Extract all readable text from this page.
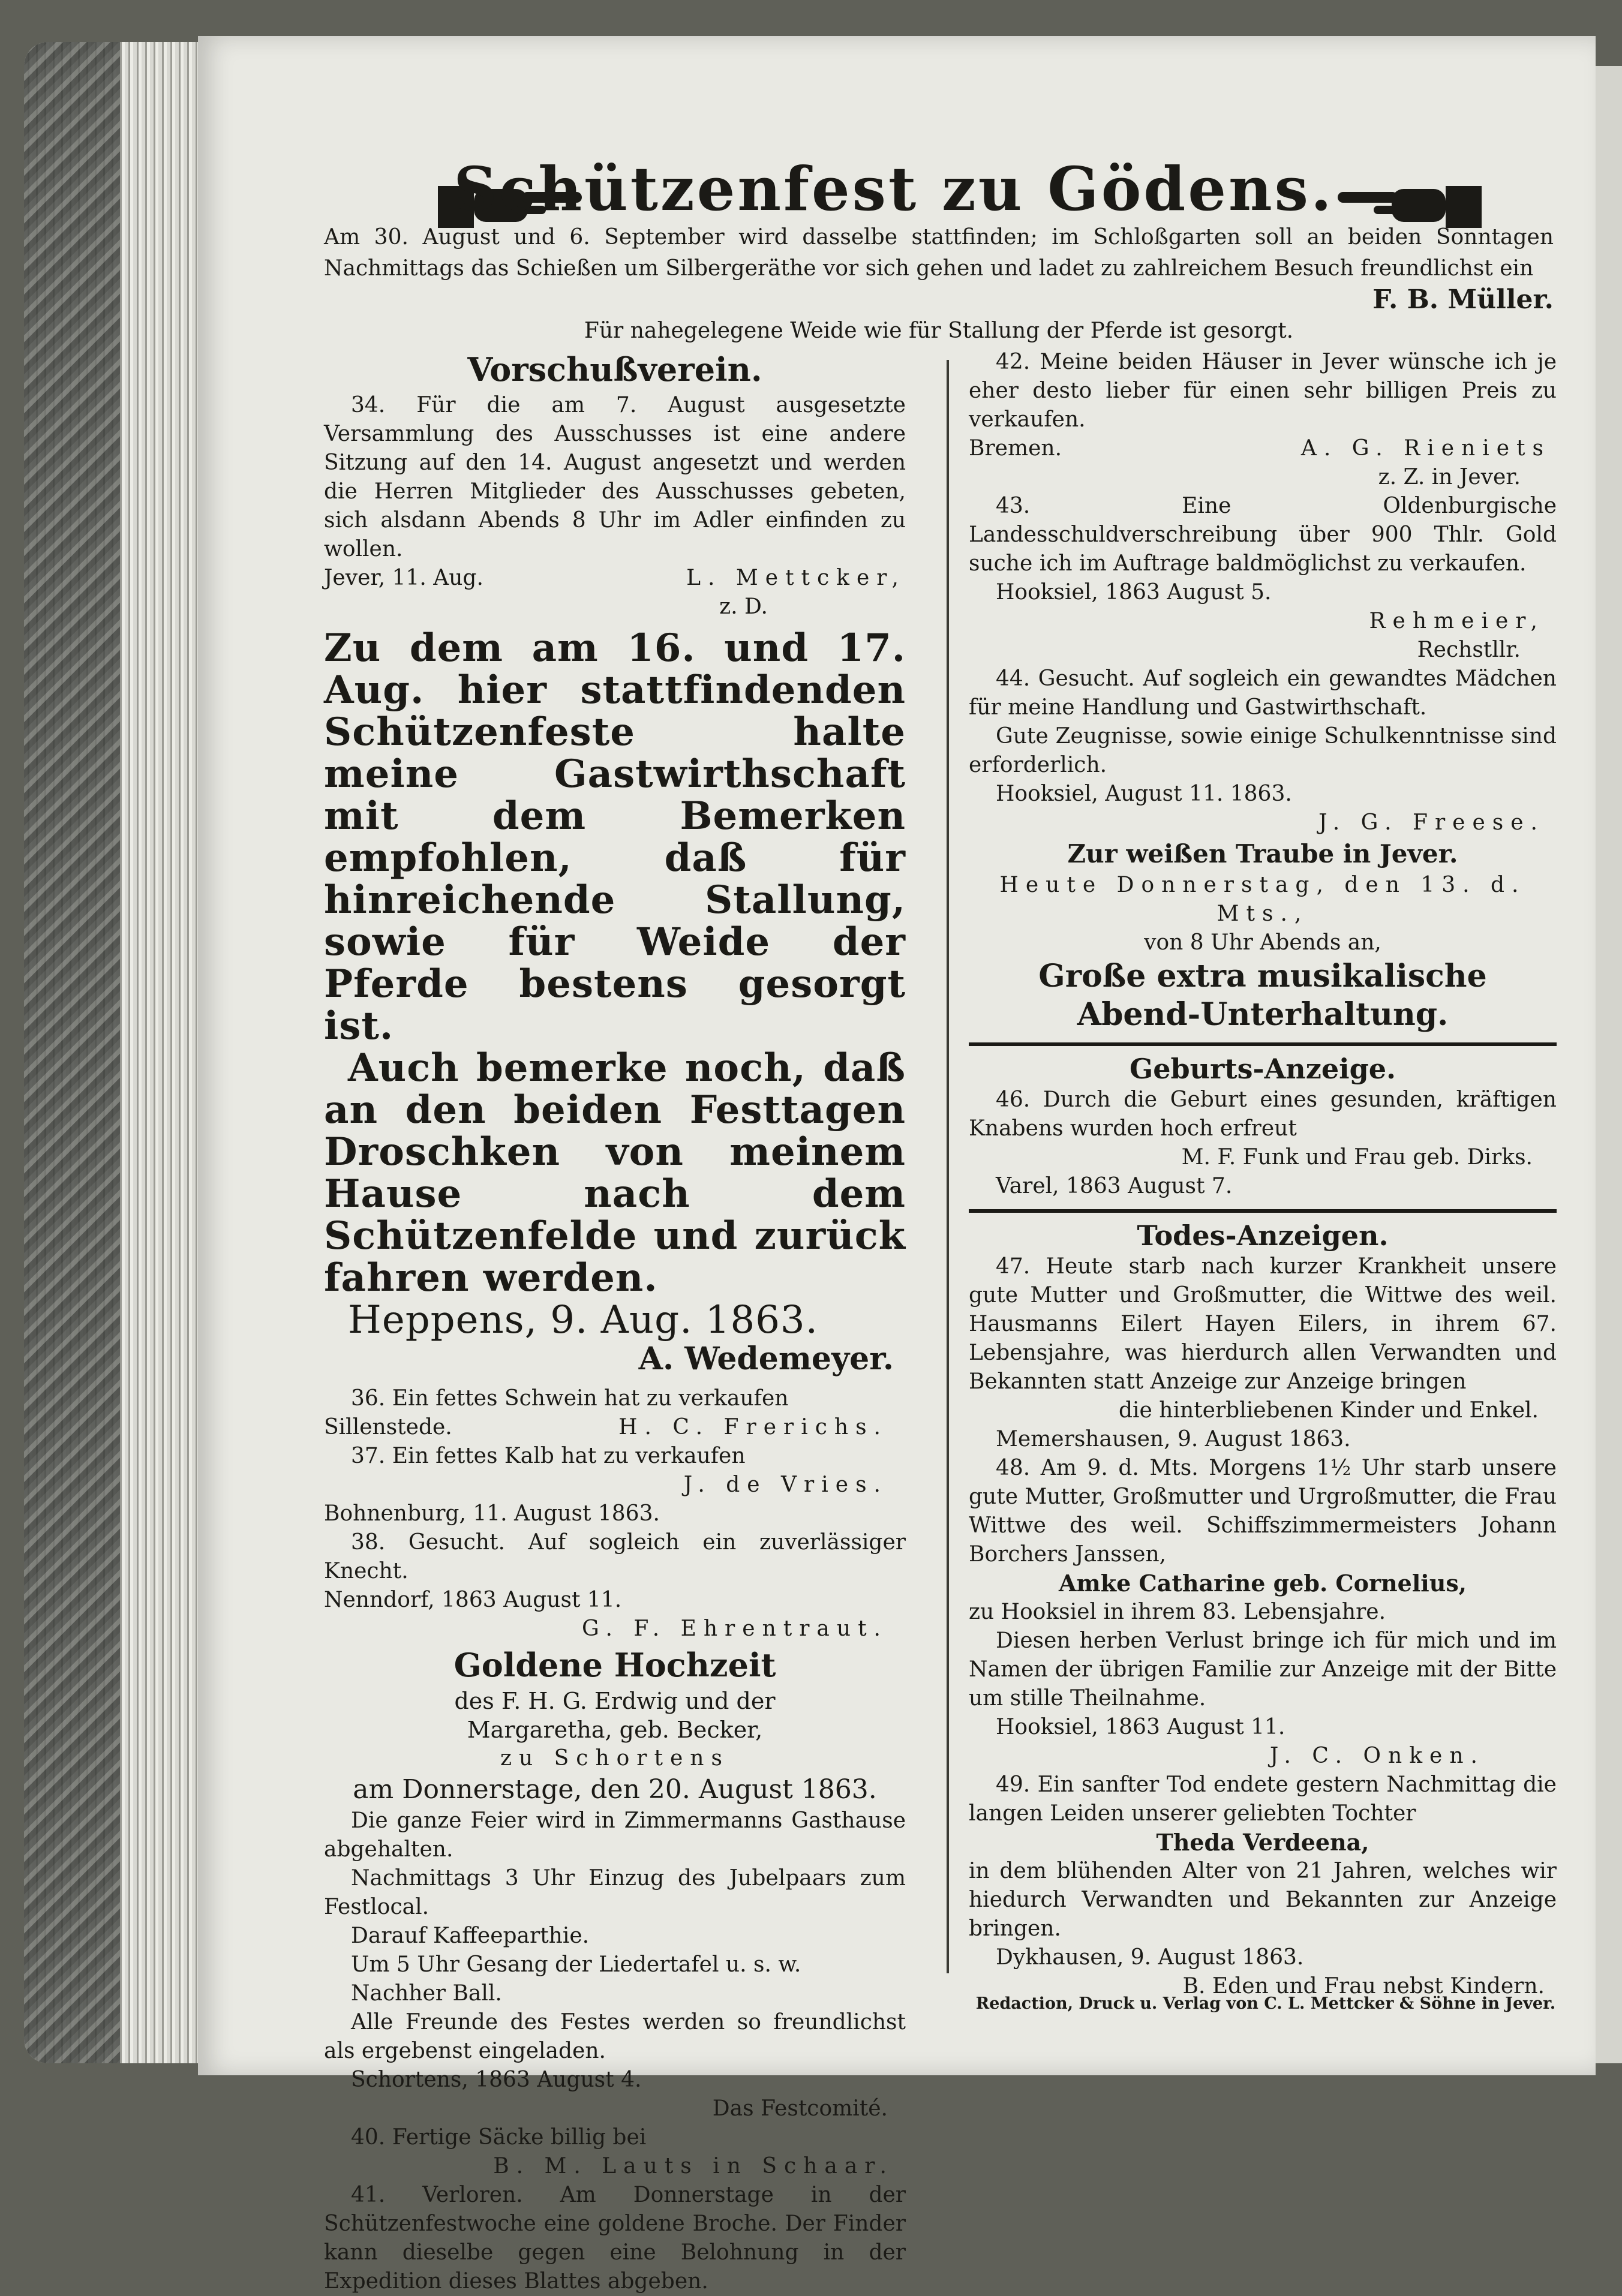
Schützenfest zu Gödens.

Am 30. August und 6. September wird dasselbe stattfinden; im Schloßgarten soll an beiden Sonntagen Nachmittags das Schießen um Silbergeräthe vor sich gehen und ladet zu zahlreichem Besuch freundlichst ein
F. B. Müller.

Für nahegelegene Weide wie für Stallung der Pferde ist gesorgt.

Vorschußverein.

34. Für die am 7. August ausgesetzte Versammlung des Ausschusses ist eine andere Sitzung auf den 14. August angesetzt und werden die Herren Mitglieder des Ausschusses gebeten, sich alsdann Abends 8 Uhr im Adler einfinden zu wollen.

Jever, 11. Aug.	L. Mettcker,

z. D.

Zu dem am 16. und 17. Aug. hier stattfindenden Schützenfeste halte meine Gastwirthschaft mit dem Bemerken empfohlen, daß für hinreichende Stallung, sowie für Weide der Pferde bestens gesorgt ist.

Auch bemerke noch, daß an den beiden Festtagen Droschken von meinem Hause nach dem Schützenfelde und zurück fahren werden.

Heppens, 9. Aug. 1863.

A. Wedemeyer.

36. Ein fettes Schwein hat zu verkaufen

Sillenstede.	H. C. Frerichs.

37. Ein fettes Kalb hat zu verkaufen

J. de Vries.

Bohnenburg, 11. August 1863.

38. Gesucht. Auf sogleich ein zuverlässiger Knecht.

Nenndorf, 1863 August 11.

G. F. Ehrentraut.

Goldene Hochzeit

des F. H. G. Erdwig und der

Margaretha, geb. Becker,

zu Schortens

am Donnerstage, den 20. August 1863.

Die ganze Feier wird in Zimmermanns Gasthause abgehalten.

Nachmittags 3 Uhr Einzug des Jubelpaars zum Festlocal.

Darauf Kaffeeparthie.

Um 5 Uhr Gesang der Liedertafel u. s. w.

Nachher Ball.

Alle Freunde des Festes werden so freundlichst als ergebenst eingeladen.

Schortens, 1863 August 4.

Das Festcomité.

40. Fertige Säcke billig bei

B. M. Lauts in Schaar.

41. Verloren. Am Donnerstage in der Schützenfestwoche eine goldene Broche. Der Finder kann dieselbe gegen eine Belohnung in der Expedition dieses Blattes abgeben.

42. Meine beiden Häuser in Jever wünsche ich je eher desto lieber für einen sehr billigen Preis zu verkaufen.

Bremen.	A. G. Rieniets

z. Z. in Jever.

43. Eine Oldenburgische Landesschuldverschreibung über 900 Thlr. Gold suche ich im Auftrage baldmöglichst zu verkaufen.

Hooksiel, 1863 August 5.

Rehmeier,

Rechstllr.

44. Gesucht. Auf sogleich ein gewandtes Mädchen für meine Handlung und Gastwirthschaft.

Gute Zeugnisse, sowie einige Schulkenntnisse sind erforderlich.

Hooksiel, August 11. 1863.

J. G. Freese.

Zur weißen Traube in Jever.

Heute Donnerstag, den 13. d. Mts.,

von 8 Uhr Abends an,

Große extra musikalische

Abend-Unterhaltung.

Geburts-Anzeige.

46. Durch die Geburt eines gesunden, kräftigen Knabens wurden hoch erfreut

M. F. Funk und Frau geb. Dirks.

Varel, 1863 August 7.

Todes-Anzeigen.

47. Heute starb nach kurzer Krankheit unsere gute Mutter und Großmutter, die Wittwe des weil. Hausmanns Eilert Hayen Eilers, in ihrem 67. Lebensjahre, was hierdurch allen Verwandten und Bekannten statt Anzeige zur Anzeige bringen

die hinterbliebenen Kinder und Enkel.

Memershausen, 9. August 1863.

48. Am 9. d. Mts. Morgens 1½ Uhr starb unsere gute Mutter, Großmutter und Urgroßmutter, die Frau Wittwe des weil. Schiffszimmermeisters Johann Borchers Janssen,

Amke Catharine geb. Cornelius,

zu Hooksiel in ihrem 83. Lebensjahre.

Diesen herben Verlust bringe ich für mich und im Namen der übrigen Familie zur Anzeige mit der Bitte um stille Theilnahme.

Hooksiel, 1863 August 11.

J. C. Onken.

49. Ein sanfter Tod endete gestern Nachmittag die langen Leiden unserer geliebten Tochter

Theda Verdeena,

in dem blühenden Alter von 21 Jahren, welches wir hiedurch Verwandten und Bekannten zur Anzeige bringen.

Dykhausen, 9. August 1863.

B. Eden und Frau nebst Kindern.

Redaction, Druck u. Verlag von C. L. Mettcker & Söhne in Jever.
